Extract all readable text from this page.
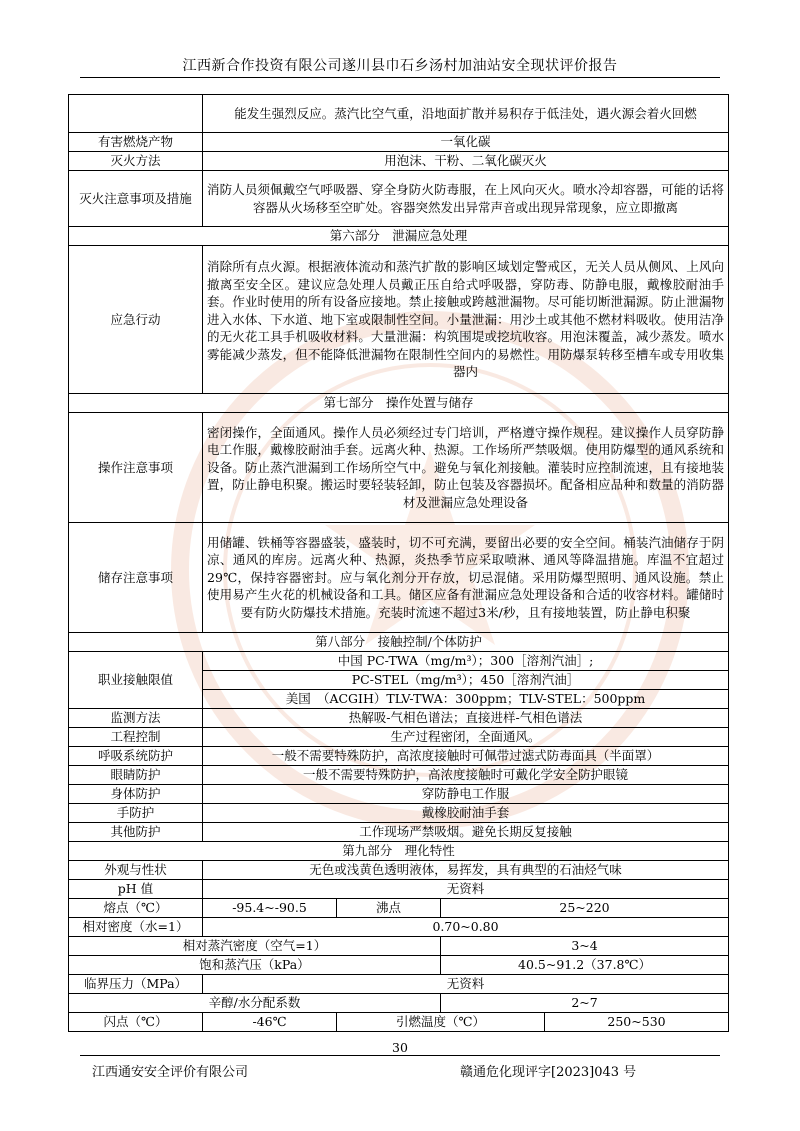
江西新合作投资有限公司遂川县巾石乡汤村加油站安全现状评价报告
	能发生强烈反应。蒸汽比空气重，沿地面扩散并易积存于低洼处，遇火源会着火回燃			
有害燃烧产物	一氧化碳			
灭火方法	用泡沫、干粉、二氧化碳灭火			
灭火注意事项及措施	消防人员须佩戴空气呼吸器、穿全身防火防毒服，在上风向灭火。喷水冷却容器，可能的话将容器从火场移至空旷处。容器突然发出异常声音或出现异常现象，应立即撤离			
第六部分　泄漏应急处理				
应急行动	消除所有点火源。根据液体流动和蒸汽扩散的影响区域划定警戒区，无关人员从侧风、上风向撤离至安全区。建议应急处理人员戴正压自给式呼吸器，穿防毒、防静电服，戴橡胶耐油手套。作业时使用的所有设备应接地。禁止接触或跨越泄漏物。尽可能切断泄漏源。防止泄漏物进入水体、下水道、地下室或限制性空间。小量泄漏：用沙土或其他不燃材料吸收。使用洁净的无火花工具手机吸收材料。大量泄漏：构筑围堤或挖坑收容。用泡沫覆盖，减少蒸发。喷水雾能减少蒸发，但不能降低泄漏物在限制性空间内的易燃性。用防爆泵转移至槽车或专用收集器内			
第七部分　操作处置与储存				
操作注意事项	密闭操作，全面通风。操作人员必须经过专门培训，严格遵守操作规程。建议操作人员穿防静电工作服，戴橡胶耐油手套。远离火种、热源。工作场所严禁吸烟。使用防爆型的通风系统和设备。防止蒸汽泄漏到工作场所空气中。避免与氧化剂接触。灌装时应控制流速，且有接地装置，防止静电积聚。搬运时要轻装轻卸，防止包装及容器损坏。配备相应品种和数量的消防器材及泄漏应急处理设备			
储存注意事项	用储罐、铁桶等容器盛装，盛装时，切不可充满，要留出必要的安全空间。桶装汽油储存于阴凉、通风的库房。远离火种、热源，炎热季节应采取喷淋、通风等降温措施。库温不宜超过29℃，保持容器密封。应与氧化剂分开存放，切忌混储。采用防爆型照明、通风设施。禁止使用易产生火花的机械设备和工具。储区应备有泄漏应急处理设备和合适的收容材料。罐储时要有防火防爆技术措施。充装时流速不超过3米/秒，且有接地装置，防止静电积聚			
第八部分　接触控制/个体防护				
职业接触限值	中国 PC-TWA（mg/m³）；300［溶剂汽油］;			
	PC-STEL（mg/m³）；450［溶剂汽油］			
	美国　（ACGIH）TLV-TWA：300ppm；TLV-STEL：500ppm			
监测方法	热解吸-气相色谱法；直接进样-气相色谱法			
工程控制	生产过程密闭，全面通风。			
呼吸系统防护	一般不需要特殊防护，高浓度接触时可佩带过滤式防毒面具（半面罩）			
眼睛防护	一般不需要特殊防护，高浓度接触时可戴化学安全防护眼镜			
身体防护	穿防静电工作服			
手防护	戴橡胶耐油手套			
其他防护	工作现场严禁吸烟。避免长期反复接触			
第九部分　理化特性				
外观与性状	无色或浅黄色透明液体，易挥发，具有典型的石油烃气味			
pH 值	无资料			
熔点（℃）	-95.4~-90.5	沸点	25~220	
相对密度（水=1）	0.70~0.80			
相对蒸汽密度（空气=1）			3~4	
饱和蒸汽压（kPa）			40.5~91.2（37.8℃）	
临界压力（MPa）	无资料			
辛醇/水分配系数			2~7	
闪点（℃）	-46℃	引燃温度（℃）		250~530
30
江西通安安全评价有限公司	赣通危化现评字[2023]043 号
